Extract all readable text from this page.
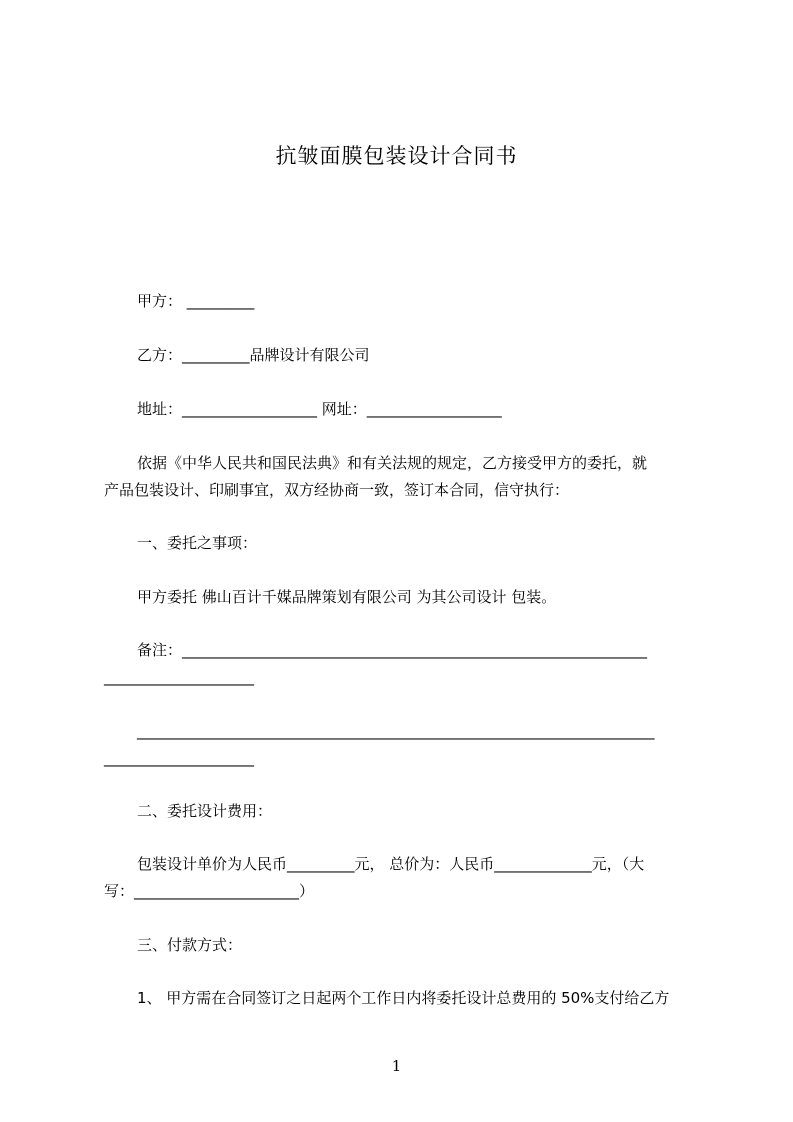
抗皱面膜包装设计合同书
甲方： _________
乙方：_________品牌设计有限公司
地址：__________________ 网址：__________________
依据《中华人民共和国民法典》和有关法规的规定，乙方接受甲方的委托，就
产品包装设计、印刷事宜，双方经协商一致，签订本合同，信守执行：
一、委托之事项：
甲方委托 佛山百计千媒品牌策划有限公司 为其公司设计 包装。
备注：______________________________________________________________
____________________
_____________________________________________________________________
____________________
二、委托设计费用：
包装设计单价为人民币_________元， 总价为：人民币_____________元，（大
写：______________________）
三、付款方式：
1、 甲方需在合同签订之日起两个工作日内将委托设计总费用的 50%支付给乙方
1
